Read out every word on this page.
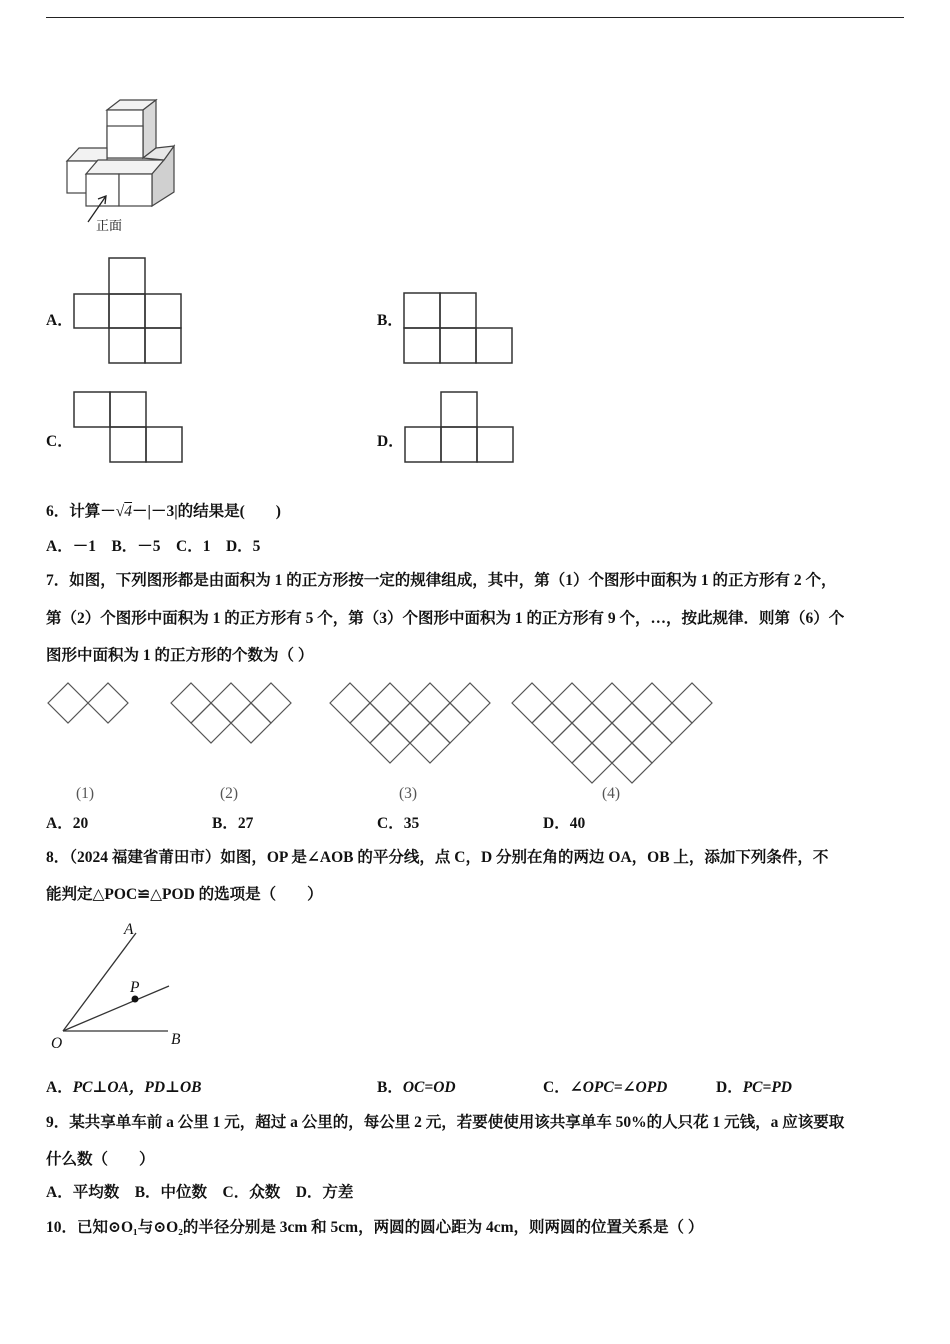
正面
A．	B．
C．	D．
6．计算－√4－|－3|的结果是(　　)
A．－1　B．－5　C．1　D．5
7．如图，下列图形都是由面积为 1 的正方形按一定的规律组成，其中，第（1）个图形中面积为 1 的正方形有 2 个，
第（2）个图形中面积为 1 的正方形有 5 个，第（3）个图形中面积为 1 的正方形有 9 个，…，按此规律．则第（6）个
图形中面积为 1 的正方形的个数为（ ）
(1)	(2)	(3)	(4)
A．20	B．27	C．35	D．40
8．（2024 福建省莆田市）如图，OP 是∠AOB 的平分线，点 C，D 分别在角的两边 OA，OB 上，添加下列条件，不
能判定△POC≌△POD 的选项是（　　）
A
P
O	B
A．PC⊥OA，PD⊥OB	B．OC=OD	C．∠OPC=∠OPD	D．PC=PD
9．某共享单车前 a 公里 1 元，超过 a 公里的，每公里 2 元，若要使使用该共享单车 50%的人只花 1 元钱，a 应该要取
什么数（　　）
A．平均数　B．中位数　C．众数　D．方差
10．已知⊙O₁与⊙O₂的半径分别是 3cm 和 5cm，两圆的圆心距为 4cm，则两圆的位置关系是（ ）
